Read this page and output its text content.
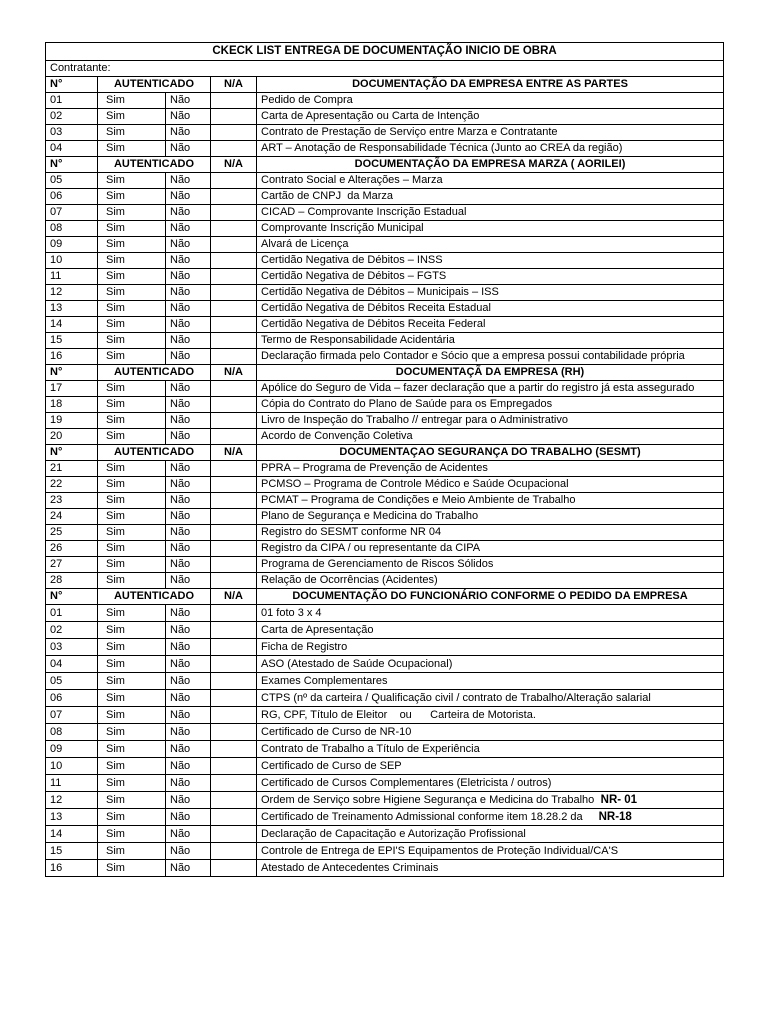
CKECK LIST ENTREGA DE DOCUMENTAÇÃO INICIO DE OBRA				
Contratante:				
N°	AUTENTICADO		N/A	DOCUMENTAÇÃO DA EMPRESA ENTRE AS PARTES
01	Sim	Não		Pedido de Compra
02	Sim	Não		Carta de Apresentação ou Carta de Intenção
03	Sim	Não		Contrato de Prestação de Serviço entre Marza e Contratante
04	Sim	Não		ART – Anotação de Responsabilidade Técnica (Junto ao CREA da região)
N°	AUTENTICADO		N/A	DOCUMENTAÇÃO DA EMPRESA MARZA ( AORILEI)
05	Sim	Não		Contrato Social e Alterações – Marza
06	Sim	Não		Cartão de CNPJ  da Marza
07	Sim	Não		CICAD – Comprovante Inscrição Estadual
08	Sim	Não		Comprovante Inscrição Municipal
09	Sim	Não		Alvará de Licença
10	Sim	Não		Certidão Negativa de Débitos – INSS
11	Sim	Não		Certidão Negativa de Débitos – FGTS
12	Sim	Não		Certidão Negativa de Débitos – Municipais – ISS
13	Sim	Não		Certidão Negativa de Débitos Receita Estadual
14	Sim	Não		Certidão Negativa de Débitos Receita Federal
15	Sim	Não		Termo de Responsabilidade Acidentária
16	Sim	Não		Declaração firmada pelo Contador e Sócio que a empresa possui contabilidade própria
N°	AUTENTICADO		N/A	DOCUMENTAÇÃ DA EMPRESA (RH)
17	Sim	Não		Apólice do Seguro de Vida – fazer declaração que a partir do registro já esta assegurado
18	Sim	Não		Cópia do Contrato do Plano de Saúde para os Empregados
19	Sim	Não		Livro de Inspeção do Trabalho // entregar para o Administrativo
20	Sim	Não		Acordo de Convenção Coletiva
N°	AUTENTICADO		N/A	DOCUMENTAÇAO SEGURANÇA DO TRABALHO (SESMT)
21	Sim	Não		PPRA – Programa de Prevenção de Acidentes
22	Sim	Não		PCMSO – Programa de Controle Médico e Saúde Ocupacional
23	Sim	Não		PCMAT – Programa de Condições e Meio Ambiente de Trabalho
24	Sim	Não		Plano de Segurança e Medicina do Trabalho
25	Sim	Não		Registro do SESMT conforme NR 04
26	Sim	Não		Registro da CIPA / ou representante da CIPA
27	Sim	Não		Programa de Gerenciamento de Riscos Sólidos
28	Sim	Não		Relação de Ocorrências (Acidentes)
N°	AUTENTICADO		N/A	DOCUMENTAÇÃO DO FUNCIONÁRIO CONFORME O PEDIDO DA EMPRESA
01	Sim	Não		01 foto 3 x 4
02	Sim	Não		Carta de Apresentação
03	Sim	Não		Ficha de Registro
04	Sim	Não		ASO (Atestado de Saúde Ocupacional)
05	Sim	Não		Exames Complementares
06	Sim	Não		CTPS (nº da carteira / Qualificação civil / contrato de Trabalho/Alteração salarial
07	Sim	Não		RG, CPF, Título de Eleitor    ou      Carteira de Motorista.
08	Sim	Não		Certificado de Curso de NR-10
09	Sim	Não		Contrato de Trabalho a Título de Experiência
10	Sim	Não		Certificado de Curso de SEP
11	Sim	Não		Certificado de Cursos Complementares (Eletricista / outros)
12	Sim	Não		Ordem de Serviço sobre Higiene Segurança e Medicina do Trabalho  NR- 01
13	Sim	Não		Certificado de Treinamento Admissional conforme item 18.28.2 da     NR-18
14	Sim	Não		Declaração de Capacitação e Autorização Profissional
15	Sim	Não		Controle de Entrega de EPI'S Equipamentos de Proteção Individual/CA'S
16	Sim	Não		Atestado de Antecedentes Criminais
